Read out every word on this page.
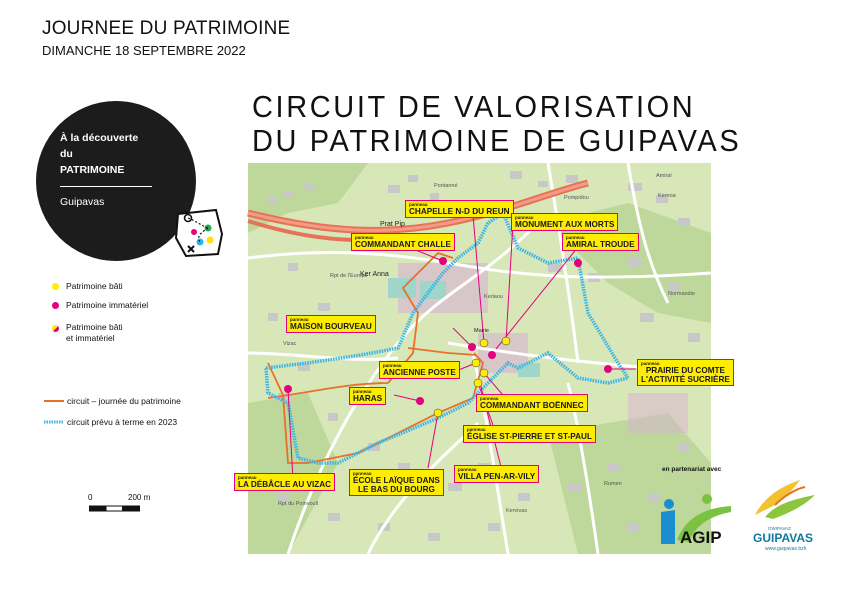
JOURNEE DU PATRIMOINE
DIMANCHE 18 SEPTEMBRE 2022
CIRCUIT DE VALORISATION
DU PATRIMOINE DE GUIPAVAS
À la découverte
du
PATRIMOINE
Guipavas
Patrimoine bâti
Patrimoine immatériel
Patrimoine bâti
et immatériel
circuit – journée du patrimoine
circuit prévu à terme en 2023
0	200 m
Kerlaou
Ker Anna
Prat Pip
Pontanné
Pompidou	Kernoa
Vizac
Kervivas
Rumen
Mairie
Amiral
Normandie
Rpt de l'Europe
Rpt du Poinvoull
panneau
CHAPELLE N-D DU REUN
panneau
MONUMENT AUX MORTS
panneau
COMMANDANT CHALLE
panneau
AMIRAL TROUDE
panneau
MAISON BOURVEAU
panneau
ANCIENNE POSTE
panneau
PRAIRIE DU COMTE
L'ACTIVITÉ SUCRIÈRE
panneau
HARAS	panneau
COMMANDANT BOËNNEC
panneau
ÉGLISE ST-PIERRE ET ST-PAUL
panneau
ÉCOLE LAÏQUE DANS
LE BAS DU BOURG
panneau
VILLA PEN-AR-VILY
panneau
LA DÉBÂCLE AU VIZAC
en partenariat avec
AGIP	GWIPAVAZ
GUIPAVAS
www.guipavas.bzh
